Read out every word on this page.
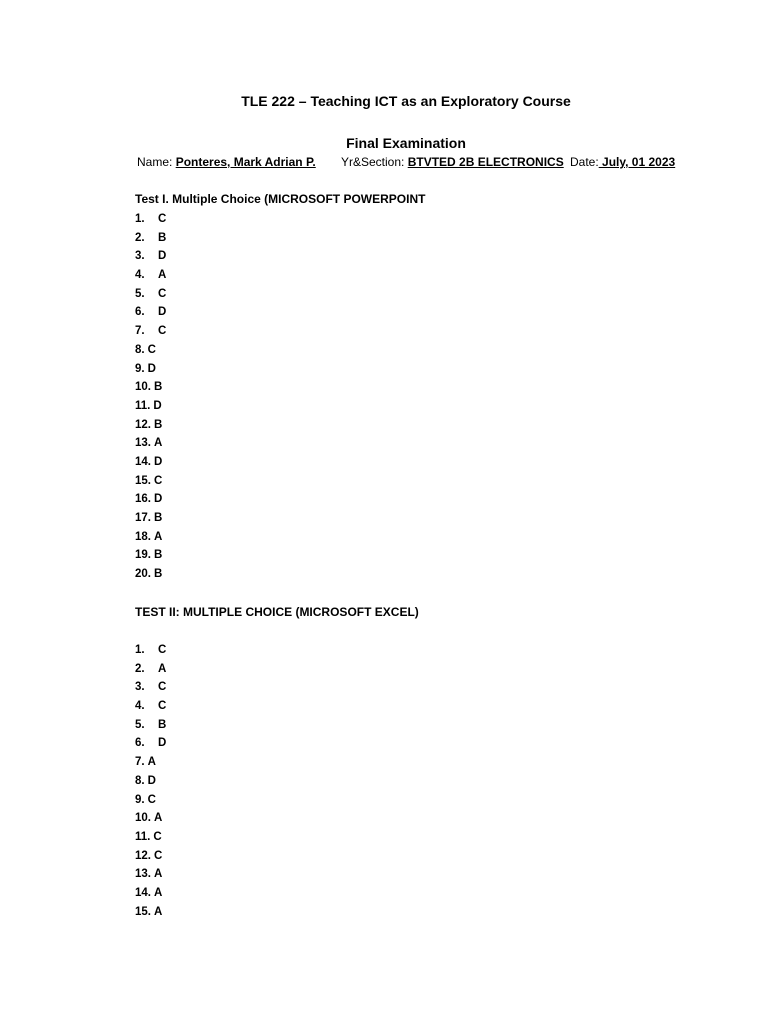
TLE 222 – Teaching ICT as an Exploratory Course
Final Examination
Name: Ponteres, Mark Adrian P. Yr&Section: BTVTED 2B ELECTRONICS Date: July, 01 2023
Test I. Multiple Choice (MICROSOFT POWERPOINT
1. C
2. B
3. D
4. A
5. C
6. D
7. C
8. C
9. D
10. B
11. D
12. B
13. A
14. D
15. C
16. D
17. B
18. A
19. B
20. B
TEST II: MULTIPLE CHOICE (MICROSOFT EXCEL)
1. C
2. A
3. C
4. C
5. B
6. D
7. A
8. D
9. C
10. A
11. C
12. C
13. A
14. A
15. A
